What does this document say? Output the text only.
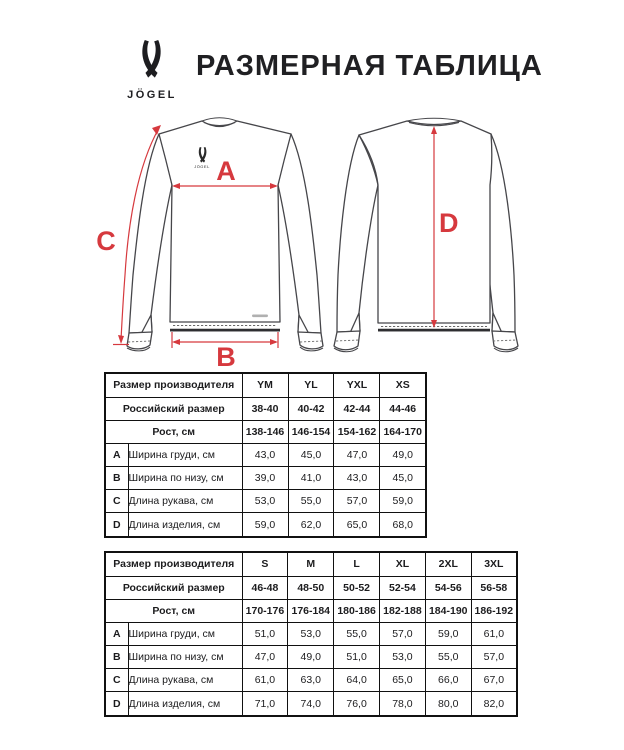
JÖGEL
РАЗМЕРНАЯ ТАБЛИЦА
JÖGEL A
B
C
D
Размер производителя		YM	YL	YXL	XS
Российский размер		38-40	40-42	42-44	44-46
Рост, см		138-146	146-154	154-162	164-170
A	Ширина груди, см	43,0	45,0	47,0	49,0
B	Ширина по низу, см	39,0	41,0	43,0	45,0
C	Длина рукава, см	53,0	55,0	57,0	59,0
D	Длина изделия, см	59,0	62,0	65,0	68,0
Размер производителя		S	M	L	XL	2XL	3XL
Российский размер		46-48	48-50	50-52	52-54	54-56	56-58
Рост, см		170-176	176-184	180-186	182-188	184-190	186-192
A	Ширина груди, см	51,0	53,0	55,0	57,0	59,0	61,0
B	Ширина по низу, см	47,0	49,0	51,0	53,0	55,0	57,0
C	Длина рукава, см	61,0	63,0	64,0	65,0	66,0	67,0
D	Длина изделия, см	71,0	74,0	76,0	78,0	80,0	82,0
